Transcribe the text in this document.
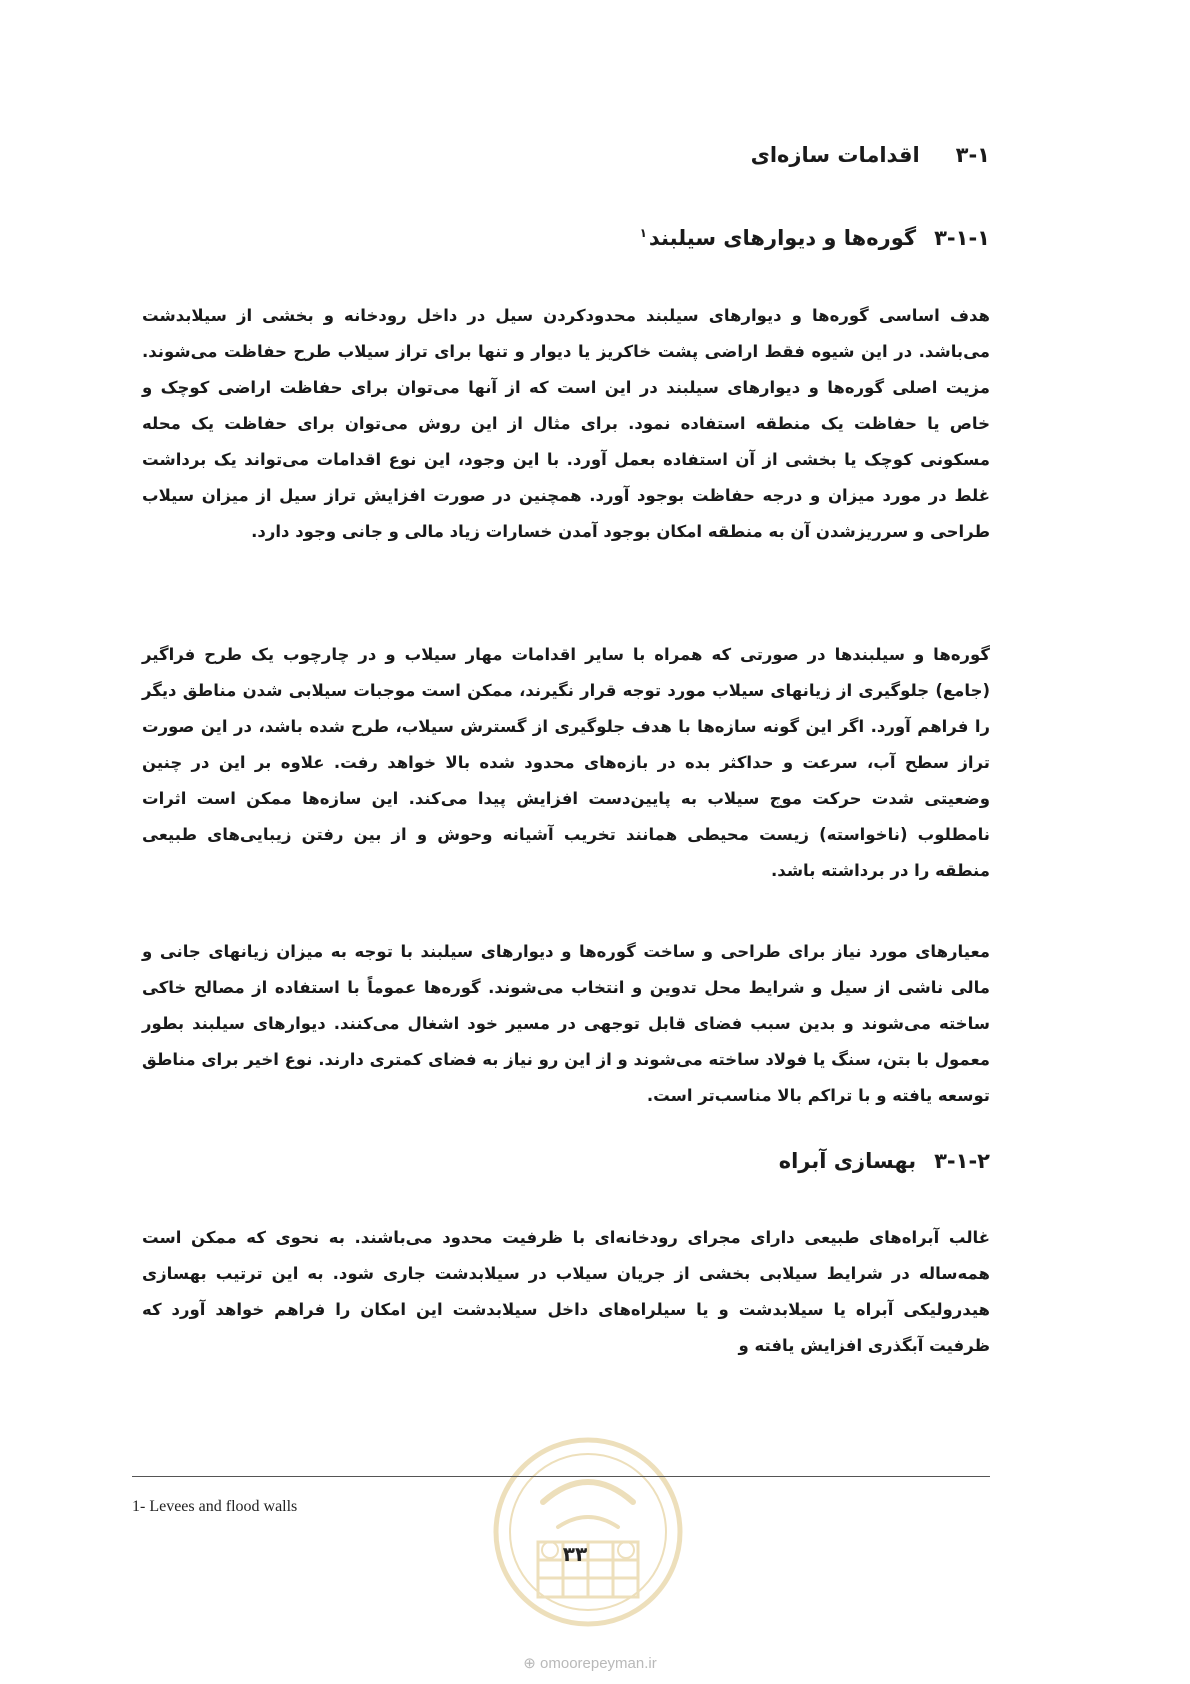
۳-۱اقدامات سازه‌ای
۳-۱-۱گوره‌ها و دیوارهای سیلبند$^۱$

هدف اساسی گوره‌ها و دیوارهای سیلبند محدودکردن سیل در داخل رودخانه و بخشی از سیلابدشت می‌باشد. در این شیوه فقط اراضی پشت خاکریز یا دیوار و تنها برای تراز سیلاب طرح حفاظت می‌شوند. مزیت اصلی گوره‌ها و دیوارهای سیلبند در این است که از آنها می‌توان برای حفاظت اراضی کوچک و خاص یا حفاظت یک منطقه استفاده نمود. برای مثال از این روش می‌توان برای حفاظت یک محله مسکونی کوچک یا بخشی از آن استفاده بعمل آورد. با این وجود، این نوع اقدامات می‌تواند یک برداشت غلط در مورد میزان و درجه حفاظت بوجود آورد. همچنین در صورت افزایش تراز سیل از میزان سیلاب طراحی و سرریزشدن آن به منطقه امکان بوجود آمدن خسارات زیاد مالی و جانی وجود دارد.

گوره‌ها و سیلبندها در صورتی که همراه با سایر اقدامات مهار سیلاب و در چارچوب یک طرح فراگیر (جامع) جلوگیری از زیانهای سیلاب مورد توجه قرار نگیرند، ممکن است موجبات سیلابی شدن مناطق دیگر را فراهم آورد. اگر این گونه سازه‌ها با هدف جلوگیری از گسترش سیلاب، طرح شده باشد، در این صورت تراز سطح آب، سرعت و حداکثر بده در بازه‌های محدود شده بالا خواهد رفت. علاوه بر این در چنین وضعیتی شدت حرکت موج سیلاب به پایین‌دست افزایش پیدا می‌کند. این سازه‌ها ممکن است اثرات نامطلوب (ناخواسته) زیست محیطی همانند تخریب آشیانه وحوش و از بین رفتن زیبایی‌های طبیعی منطقه را در برداشته باشد.

معیارهای مورد نیاز برای طراحی و ساخت گوره‌ها و دیوارهای سیلبند با توجه به میزان زیانهای جانی و مالی ناشی از سیل و شرایط محل تدوین و انتخاب می‌شوند. گوره‌ها عموماً با استفاده از مصالح خاکی ساخته می‌شوند و بدین سبب فضای قابل توجهی در مسیر خود اشغال می‌کنند. دیوارهای سیلبند بطور معمول با بتن، سنگ یا فولاد ساخته می‌شوند و از این رو نیاز به فضای کمتری دارند. نوع اخیر برای مناطق توسعه یافته و با تراکم بالا مناسب‌تر است.

۳-۱-۲بهسازی آبراه

غالب آبراه‌های طبیعی دارای مجرای رودخانه‌ای با ظرفیت محدود می‌باشند. به نحوی که ممکن است همه‌ساله در شرایط سیلابی بخشی از جریان سیلاب در سیلابدشت جاری شود. به این ترتیب بهسازی هیدرولیکی آبراه یا سیلابدشت و یا سیلراه‌های داخل سیلابدشت این امکان را فراهم خواهد آورد که ظرفیت آبگذری افزایش یافته و

1- Levees and flood walls
۳۳
⊕ omoorepeyman.ir
